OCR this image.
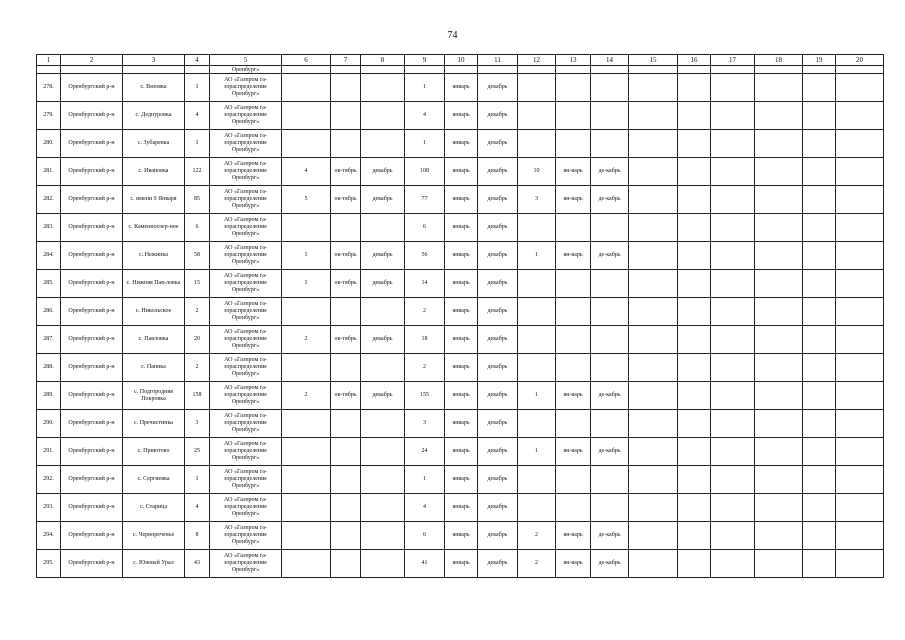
74
1	2	3	4	5	6	7	8	9	10	11	12	13	14	15	16	17	18	19	20
				Оренбург»															
278.	Оренбургский р-н	с. Вязовка	1	АО «Газпром га-зораспределение Оренбург»				1	январь	декабрь									
279.	Оренбургский р-н	с. Деднуровка	4	АО «Газпром га-зораспределение Оренбург»				4	январь	декабрь									
280.	Оренбургский р-н	с. Зубаревка	1	АО «Газпром га-зораспределение Оренбург»				1	январь	декабрь									
281.	Оренбургский р-н	с. Ивановка	122	АО «Газпром га-зораспределение Оренбург»	4	ок-тябрь	декабрь	108	январь	декабрь	10	ян-варь	де-кабрь						
282.	Оренбургский р-н	с. имени 9 Января	85	АО «Газпром га-зораспределение Оренбург»	5	ок-тябрь	декабрь	77	январь	декабрь	3	ян-варь	де-кабрь						
283.	Оренбургский р-н	с. Каменноозер-ное	6	АО «Газпром га-зораспределение Оренбург»				6	январь	декабрь									
284.	Оренбургский р-н	с. Нежинка	58	АО «Газпром га-зораспределение Оренбург»	1	ок-тябрь	декабрь	56	январь	декабрь	1	ян-варь	де-кабрь						
285.	Оренбургский р-н	с. Нижняя Пав-ловка	15	АО «Газпром га-зораспределение Оренбург»	1	ок-тябрь	декабрь	14	январь	декабрь									
286.	Оренбургский р-н	с. Никольское	2	АО «Газпром га-зораспределение Оренбург»				2	январь	декабрь									
287.	Оренбургский р-н	с. Павловка	20	АО «Газпром га-зораспределение Оренбург»	2	ок-тябрь	декабрь	18	январь	декабрь									
288.	Оренбургский р-н	с. Паника	2	АО «Газпром га-зораспределение Оренбург»				2	январь	декабрь									
289.	Оренбургский р-н	с. Подгородняя Покровка	158	АО «Газпром га-зораспределение Оренбург»	2	ок-тябрь	декабрь	155	январь	декабрь	1	ян-варь	де-кабрь						
290.	Оренбургский р-н	с. Пречистинка	3	АО «Газпром га-зораспределение Оренбург»				3	январь	декабрь									
291.	Оренбургский р-н	с. Приютово	25	АО «Газпром га-зораспределение Оренбург»				24	январь	декабрь	1	ян-варь	де-кабрь						
292.	Оренбургский р-н	с. Сергиевка	1	АО «Газпром га-зораспределение Оренбург»				1	январь	декабрь									
293.	Оренбургский р-н	с. Старица	4	АО «Газпром га-зораспределение Оренбург»				4	январь	декабрь									
294.	Оренбургский р-н	с. Чернореченье	8	АО «Газпром га-зораспределение Оренбург»				6	январь	декабрь	2	ян-варь	де-кабрь						
295.	Оренбургский р-н	с. Южный Урал	43	АО «Газпром га-зораспределение Оренбург»				41	январь	декабрь	2	ян-варь	де-кабрь						
